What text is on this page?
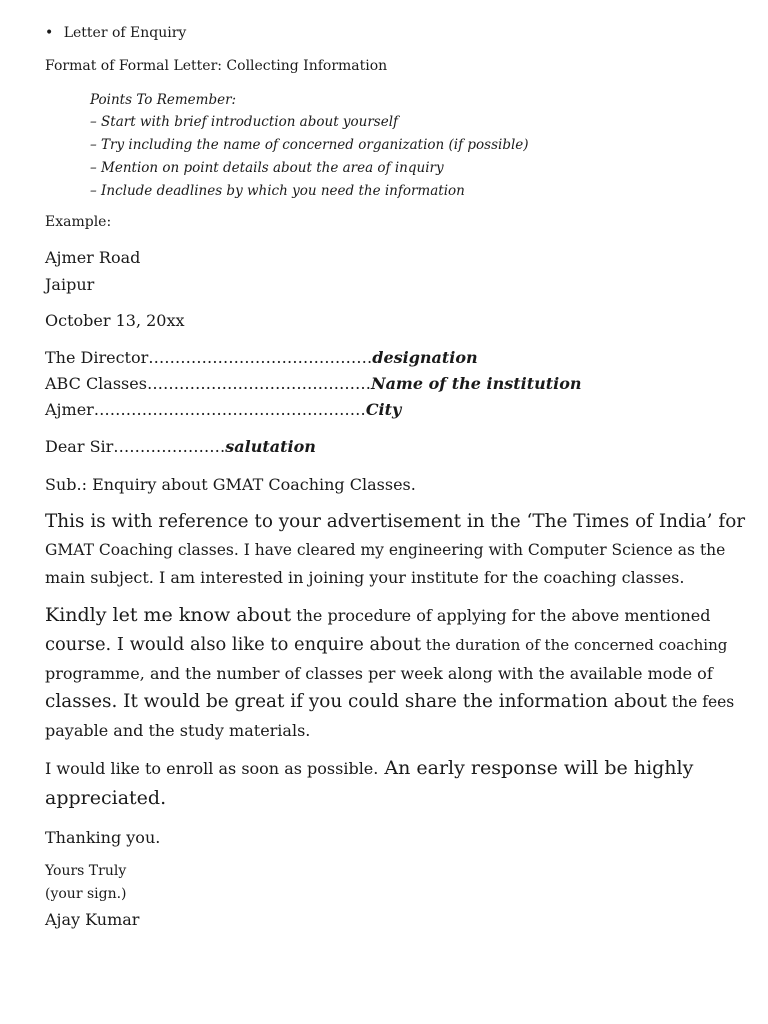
• Letter of Enquiry
Format of Formal Letter: Collecting Information
Points To Remember:
– Start with brief introduction about yourself
– Try including the name of concerned organization (if possible)
– Mention on point details about the area of inquiry
– Include deadlines by which you need the information
Example:
Ajmer Road
Jaipur
October 13, 20xx
The Director……………………………………designation
ABC Classes……………………………………Name of the institution
Ajmer……………………………………………City
Dear Sir…………………salutation
Sub.: Enquiry about GMAT Coaching Classes.
This is with reference to your advertisement in the ‘The Times of India’ for
GMAT Coaching classes. I have cleared my engineering with Computer Science as the
main subject. I am interested in joining your institute for the coaching classes.
Kindly let me know about the procedure of applying for the above mentioned
course. I would also like to enquire about the duration of the concerned coaching
programme, and the number of classes per week along with the available mode of
classes. It would be great if you could share the information about the fees
payable and the study materials.
I would like to enroll as soon as possible. An early response will be highly
appreciated.
Thanking you.
Yours Truly
(your sign.)
Ajay Kumar
